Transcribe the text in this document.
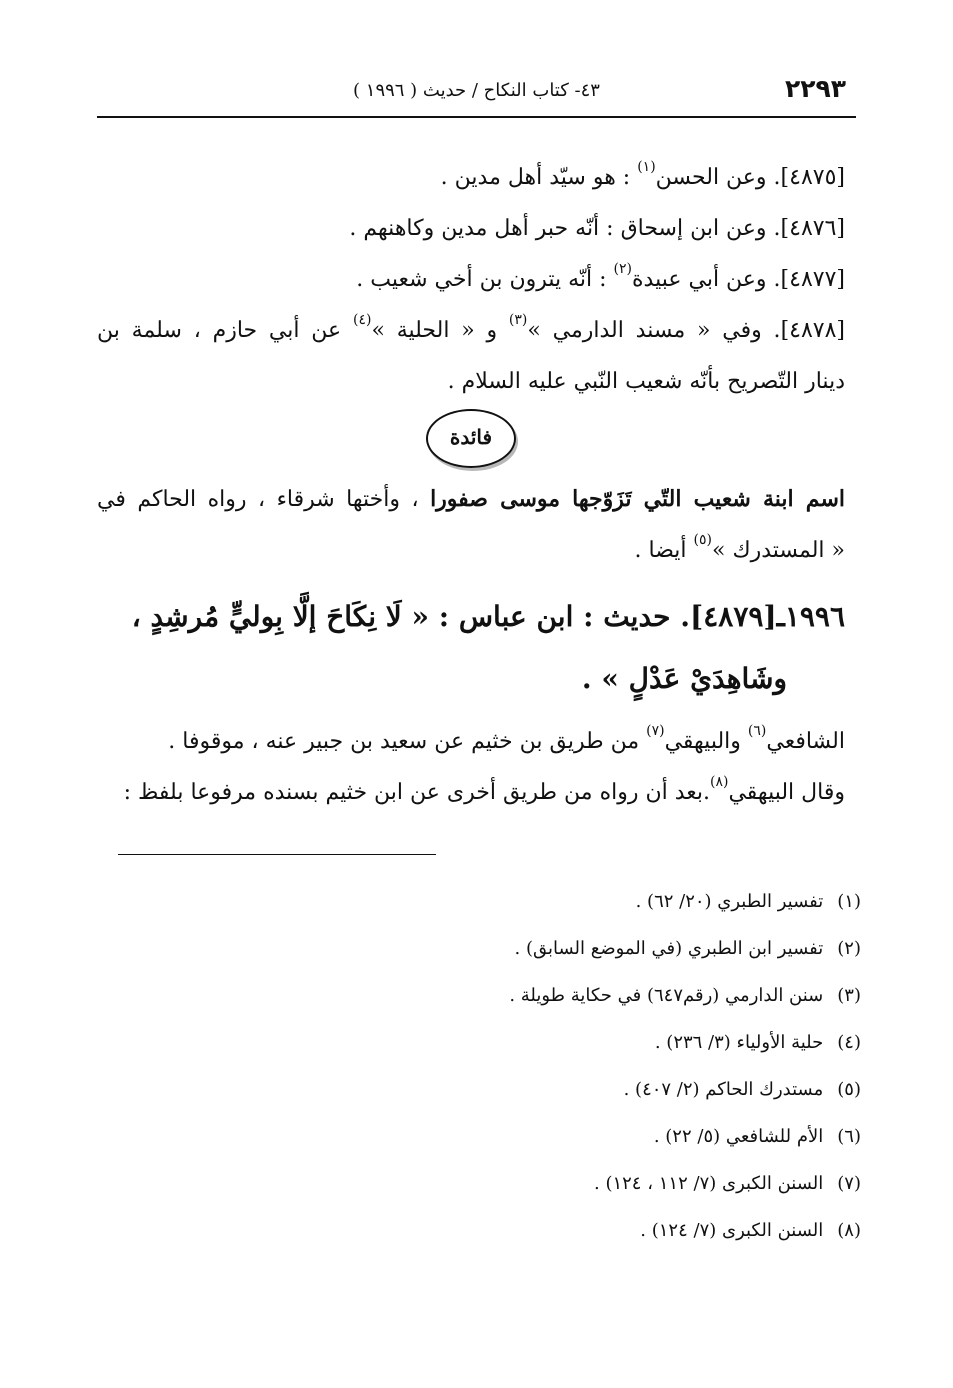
٢٢٩٣
٤٣- كتاب النكاح / حديث ( ١٩٩٦ )
[٤٨٧٥]. وعن الحسن$^{(١)}$ : هو سيّد أهل مدين .
[٤٨٧٦]. وعن ابن إسحاق : أنّه حبر أهل مدين وكاهنهم .
[٤٨٧٧]. وعن أبي عبيدة$^{(٢)}$ : أنّه يترون بن أخي شعيب .
[٤٨٧٨]. وفي « مسند الدارمي »$^{(٣)}$ و « الحلية »$^{(٤)}$ عن أبي حازم ، سلمة بن
دينار التّصريح بأنّه شعيب النّبي عليه السلام .
فائدة
اسم ابنة شعيب التّي تَزَوّجها موسى صفورا ، وأختها شرقاء ، رواه الحاكم في
« المستدرك »$^{(٥)}$ أيضا .
١٩٩٦ـ[٤٨٧٩]. حديث : ابن عباس : « لَا نِكَاحَ إلَّا بِوليٍّ مُرشِدٍ ،
وشَاهِدَيْ عَدْلٍ » .
الشافعي$^{(٦)}$ والبيهقي$^{(٧)}$ من طريق بن خثيم عن سعيد بن جبير عنه ، موقوفا .
وقال البيهقي$^{(٨)}$.بعد أن رواه من طريق أخرى عن ابن خثيم بسنده مرفوعا بلفظ :
(١)تفسير الطبري (٢٠/ ٦٢) .
(٢)تفسير ابن الطبري (في الموضع السابق) .
(٣)سنن الدارمي (رقم٦٤٧) في حكاية طويلة .
(٤)حلية الأولياء (٣/ ٢٣٦) .
(٥)مستدرك الحاكم (٢/ ٤٠٧) .
(٦)الأم للشافعي (٥/ ٢٢) .
(٧)السنن الكبرى (٧/ ١١٢ ، ١٢٤) .
(٨)السنن الكبرى (٧/ ١٢٤) .
